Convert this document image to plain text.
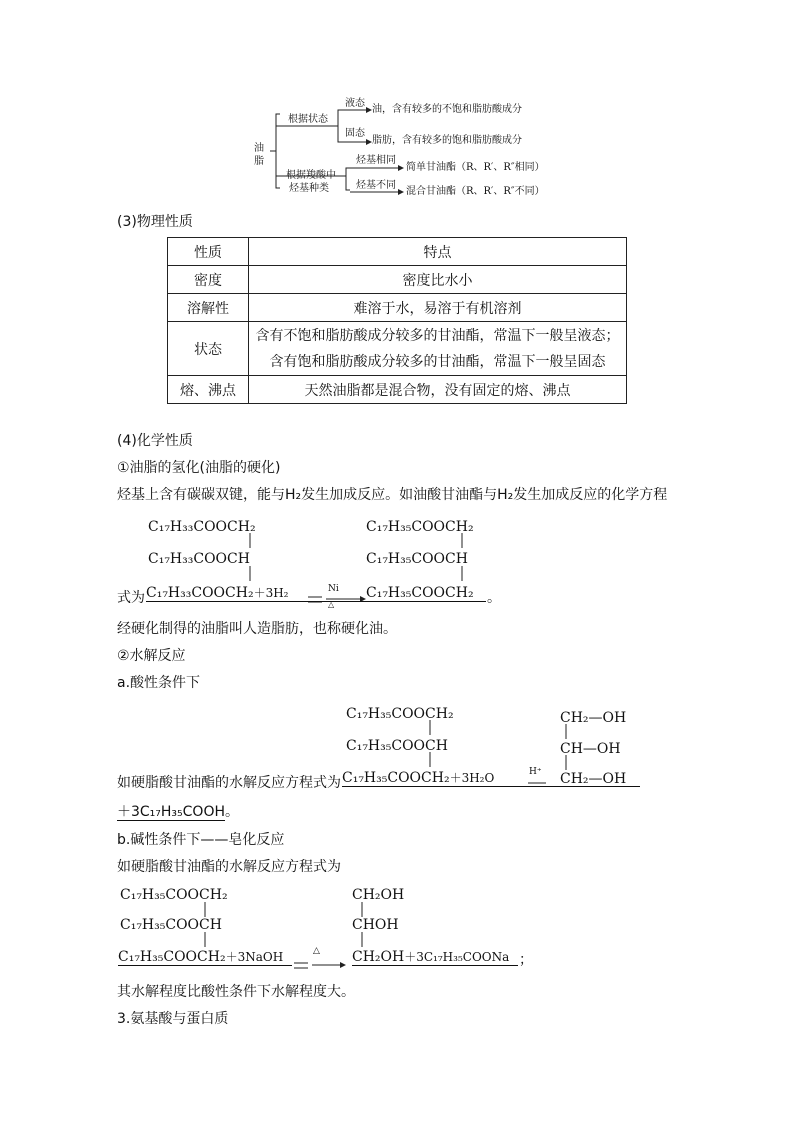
油脂
根据状态
液态
油，含有较多的不饱和脂肪酸成分
固态
脂肪，含有较多的饱和脂肪酸成分
根据羧酸中
烃基种类
烃基相同
简单甘油酯（R、R′、R″相同）
烃基不同
混合甘油酯（R、R′、R″不同）
(3)物理性质
性质	特点
密度	密度比水小
溶解性	难溶于水，易溶于有机溶剂
状态	含有不饱和脂肪酸成分较多的甘油酯，常温下一般呈液态；
含有饱和脂肪酸成分较多的甘油酯，常温下一般呈固态

熔、沸点	天然油脂都是混合物，没有固定的熔、沸点
(4)化学性质
①油脂的氢化(油脂的硬化)
烃基上含有碳碳双键，能与H₂发生加成反应。如油酸甘油酯与H₂发生加成反应的化学方程
C₁₇H₃₃COOCH₂
C₁₇H₃₃COOCH
式为 C₁₇H₃₃COOCH₂＋3H₂	Ni
△
C₁₇H₃₅COOCH₂
C₁₇H₃₅COOCH
C₁₇H₃₅COOCH₂ 。
经硬化制得的油脂叫人造脂肪，也称硬化油。
②水解反应
a.酸性条件下
C₁₇H₃₅COOCH₂
C₁₇H₃₅COOCH
如硬脂酸甘油酯的水解反应方程式为 C₁₇H₃₅COOCH₂＋3H₂O	H⁺
CH₂—OH
CH—OH
CH₂—OH
＋3C₁₇H₃₅COOH。
b.碱性条件下——皂化反应
如硬脂酸甘油酯的水解反应方程式为
C₁₇H₃₅COOCH₂
C₁₇H₃₅COOCH
C₁₇H₃₅COOCH₂＋3NaOH	△
CH₂OH
CHOH
CH₂OH＋3C₁₇H₃₅COONa ；
其水解程度比酸性条件下水解程度大。
3.氨基酸与蛋白质
